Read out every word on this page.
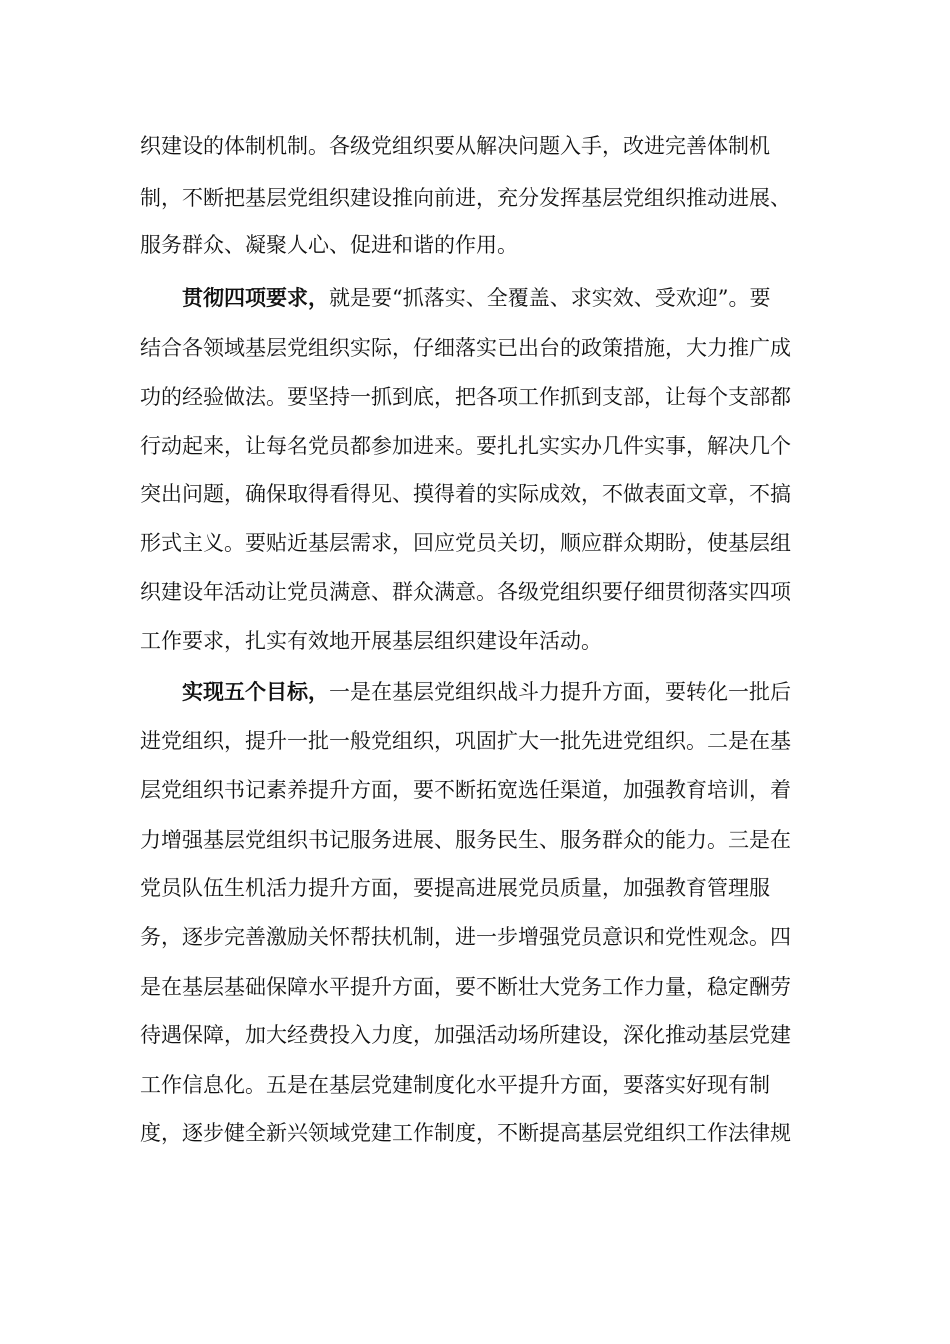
织建设的体制机制。各级党组织要从解决问题入手，改进完善体制机
制，不断把基层党组织建设推向前进，充分发挥基层党组织推动进展、
服务群众、凝聚人心、促进和谐的作用。
贯彻四项要求，就是要“抓落实、全覆盖、求实效、受欢迎”。要
结合各领域基层党组织实际，仔细落实已出台的政策措施，大力推广成
功的经验做法。要坚持一抓到底，把各项工作抓到支部，让每个支部都
行动起来，让每名党员都参加进来。要扎扎实实办几件实事，解决几个
突出问题，确保取得看得见、摸得着的实际成效，不做表面文章，不搞
形式主义。要贴近基层需求，回应党员关切，顺应群众期盼，使基层组
织建设年活动让党员满意、群众满意。各级党组织要仔细贯彻落实四项
工作要求，扎实有效地开展基层组织建设年活动。
实现五个目标，一是在基层党组织战斗力提升方面，要转化一批后
进党组织，提升一批一般党组织，巩固扩大一批先进党组织。二是在基
层党组织书记素养提升方面，要不断拓宽选任渠道，加强教育培训，着
力增强基层党组织书记服务进展、服务民生、服务群众的能力。三是在
党员队伍生机活力提升方面，要提高进展党员质量，加强教育管理服
务，逐步完善激励关怀帮扶机制，进一步增强党员意识和党性观念。四
是在基层基础保障水平提升方面，要不断壮大党务工作力量，稳定酬劳
待遇保障，加大经费投入力度，加强活动场所建设，深化推动基层党建
工作信息化。五是在基层党建制度化水平提升方面，要落实好现有制
度，逐步健全新兴领域党建工作制度，不断提高基层党组织工作法律规
